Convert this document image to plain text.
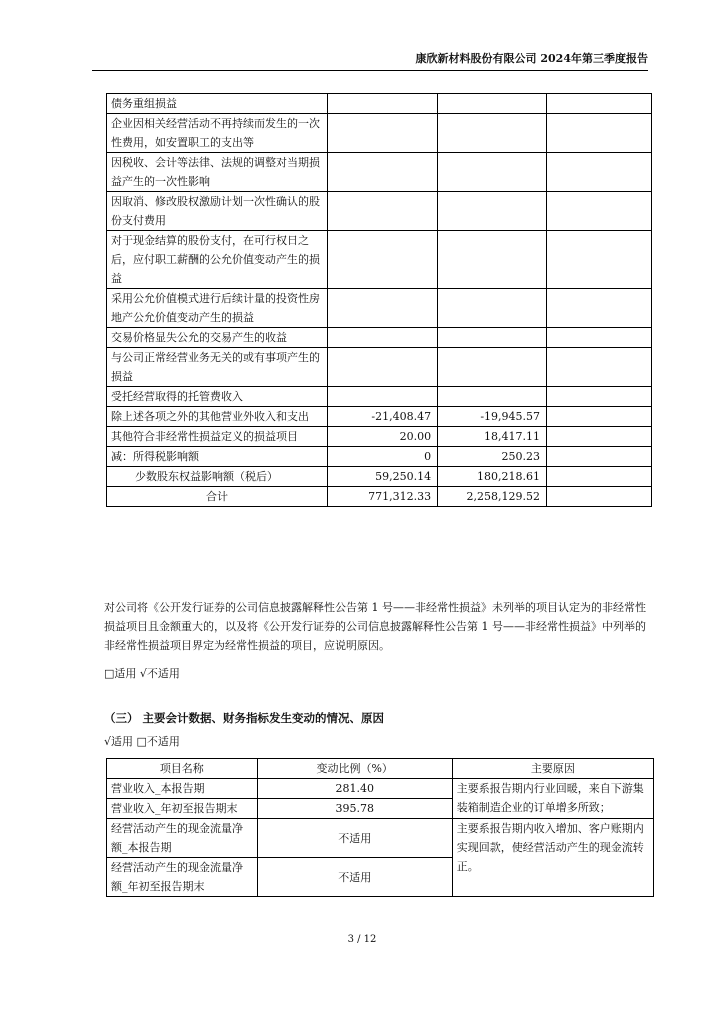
康欣新材料股份有限公司 2024年第三季度报告
债务重组损益			
企业因相关经营活动不再持续而发生的一次性费用，如安置职工的支出等			
因税收、会计等法律、法规的调整对当期损益产生的一次性影响			
因取消、修改股权激励计划一次性确认的股份支付费用			
对于现金结算的股份支付，在可行权日之后，应付职工薪酬的公允价值变动产生的损益			
采用公允价值模式进行后续计量的投资性房地产公允价值变动产生的损益			
交易价格显失公允的交易产生的收益			
与公司正常经营业务无关的或有事项产生的损益			
受托经营取得的托管费收入			
除上述各项之外的其他营业外收入和支出	-21,408.47	-19,945.57	
其他符合非经常性损益定义的损益项目	20.00	18,417.11	
减：所得税影响额	0	250.23	
少数股东权益影响额（税后）	59,250.14	180,218.61	
合计	771,312.33	2,258,129.52	
对公司将《公开发行证券的公司信息披露解释性公告第 1 号——非经常性损益》未列举的项目认定为的非经常性损益项目且金额重大的，以及将《公开发行证券的公司信息披露解释性公告第 1 号——非经常性损益》中列举的非经常性损益项目界定为经常性损益的项目，应说明原因。
□适用 √不适用
（三） 主要会计数据、财务指标发生变动的情况、原因
√适用 □不适用
项目名称	变动比例（%）	主要原因
营业收入_本报告期	281.40	主要系报告期内行业回暖，来自下游集装箱制造企业的订单增多所致；
营业收入_年初至报告期末	395.78	
经营活动产生的现金流量净额_本报告期	不适用	主要系报告期内收入增加、客户账期内实现回款，使经营活动产生的现金流转正。
经营活动产生的现金流量净额_年初至报告期末	不适用	
3 / 12
